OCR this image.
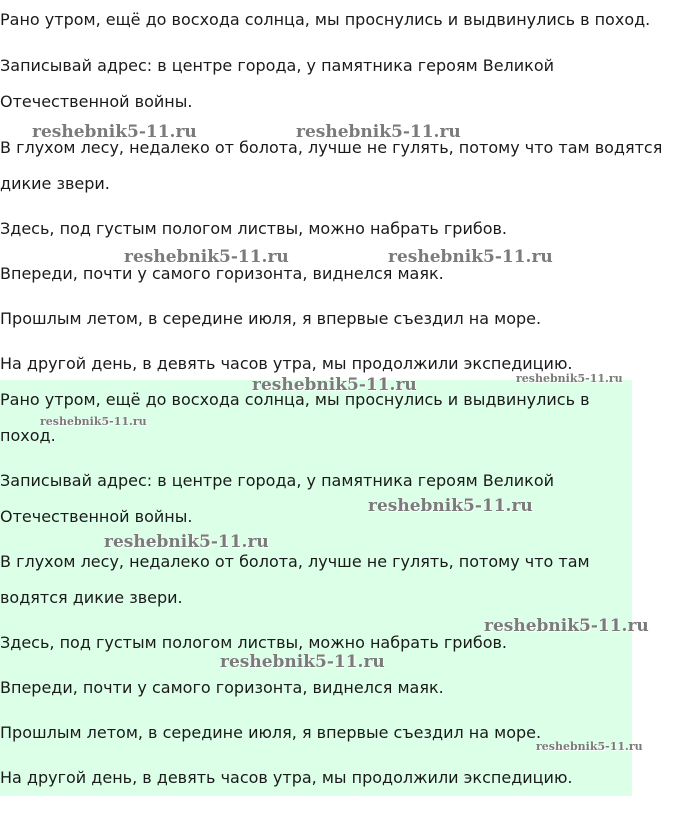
Рано утром, ещё до восхода солнца, мы проснулись и выдвинулись в поход.

Записывай адрес: в центре города, у памятника героям Великой

Отечественной войны.

В глухом лесу, недалеко от болота, лучше не гулять, потому что там водятся

дикие звери.

Здесь, под густым пологом листвы, можно набрать грибов.

Впереди, почти у самого горизонта, виднелся маяк.

Прошлым летом, в середине июля, я впервые съездил на море.

На другой день, в девять часов утра, мы продолжили экспедицию.

Рано утром, ещё до восхода солнца, мы проснулись и выдвинулись в

поход.

Записывай адрес: в центре города, у памятника героям Великой

Отечественной войны.

В глухом лесу, недалеко от болота, лучше не гулять, потому что там

водятся дикие звери.

Здесь, под густым пологом листвы, можно набрать грибов.

Впереди, почти у самого горизонта, виднелся маяк.

Прошлым летом, в середине июля, я впервые съездил на море.

На другой день, в девять часов утра, мы продолжили экспедицию.

reshebnik5-11.ru	reshebnik5-11.ru
reshebnik5-11.ru	reshebnik5-11.ru
reshebnik5-11.ru	reshebnik5-11.ru
reshebnik5-11.ru
reshebnik5-11.ru
reshebnik5-11.ru
reshebnik5-11.ru
reshebnik5-11.ru
reshebnik5-11.ru
